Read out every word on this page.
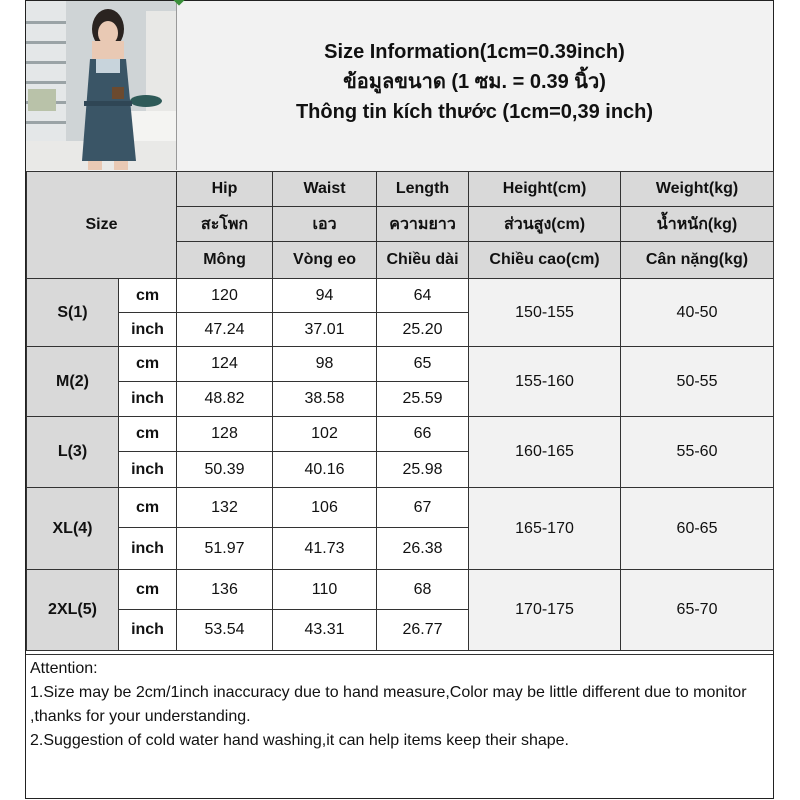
Size Information(1cm=0.39inch)
ข้อมูลขนาด (1 ซม. = 0.39 นิ้ว)
Thông tin kích thước (1cm=0,39 inch)
Size		Hip	Waist	Length	Height(cm)	Weight(kg)
		สะโพก	เอว	ความยาว	ส่วนสูง(cm)	น้ำหนัก(kg)
		Mông	Vòng eo	Chiều dài	Chiều cao(cm)	Cân nặng(kg)
S(1)	cm	120	94	64	150-155	40-50
	inch	47.24	37.01	25.20		
M(2)	cm	124	98	65	155-160	50-55
	inch	48.82	38.58	25.59		
L(3)	cm	128	102	66	160-165	55-60
	inch	50.39	40.16	25.98		
XL(4)	cm	132	106	67	165-170	60-65
	inch	51.97	41.73	26.38		
2XL(5)	cm	136	110	68	170-175	65-70
	inch	53.54	43.31	26.77		
Attention:
1.Size may be 2cm/1inch inaccuracy due to hand measure,Color may be little different due to monitor ,thanks for your understanding.
2.Suggestion of cold water hand washing,it can help items keep their shape.
